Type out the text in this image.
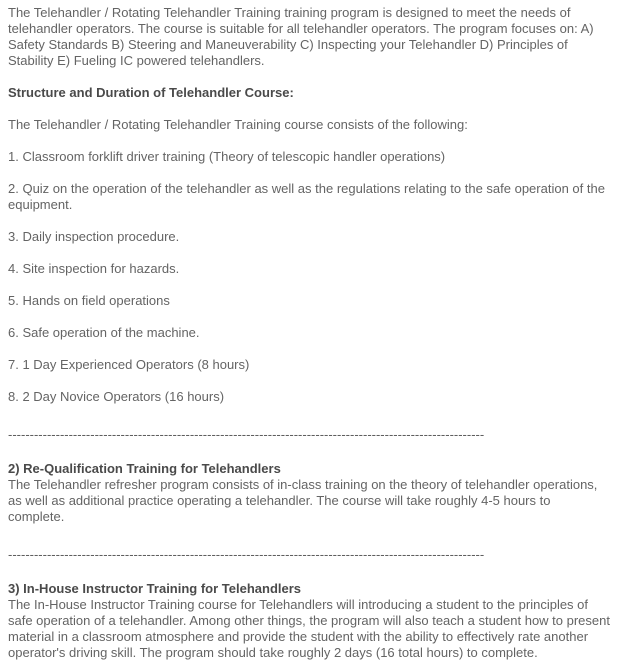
The Telehandler / Rotating Telehandler Training training program is designed to meet the needs of telehandler operators. The course is suitable for all telehandler operators. The program focuses on: A) Safety Standards B) Steering and Maneuverability C) Inspecting your Telehandler D) Principles of Stability E) Fueling IC powered telehandlers.

Structure and Duration of Telehandler Course:

The Telehandler / Rotating Telehandler Training course consists of the following:

1. Classroom forklift driver training (Theory of telescopic handler operations)

2. Quiz on the operation of the telehandler as well as the regulations relating to the safe operation of the equipment.

3. Daily inspection procedure.

4. Site inspection for hazards.

5. Hands on field operations

6. Safe operation of the machine.

7. 1 Day Experienced Operators (8 hours)

8. 2 Day Novice Operators (16 hours)

--------------------------------------------------------------------------------------------------------------

2) Re-Qualification Training for Telehandlers

The Telehandler refresher program consists of in-class training on the theory of telehandler operations, as well as additional practice operating a telehandler. The course will take roughly 4-5 hours to complete.

--------------------------------------------------------------------------------------------------------------

3) In-House Instructor Training for Telehandlers

The In-House Instructor Training course for Telehandlers will introducing a student to the principles of safe operation of a telehandler. Among other things, the program will also teach a student how to present material in a classroom atmosphere and provide the student with the ability to effectively rate another operator's driving skill. The program should take roughly 2 days (16 total hours) to complete.
